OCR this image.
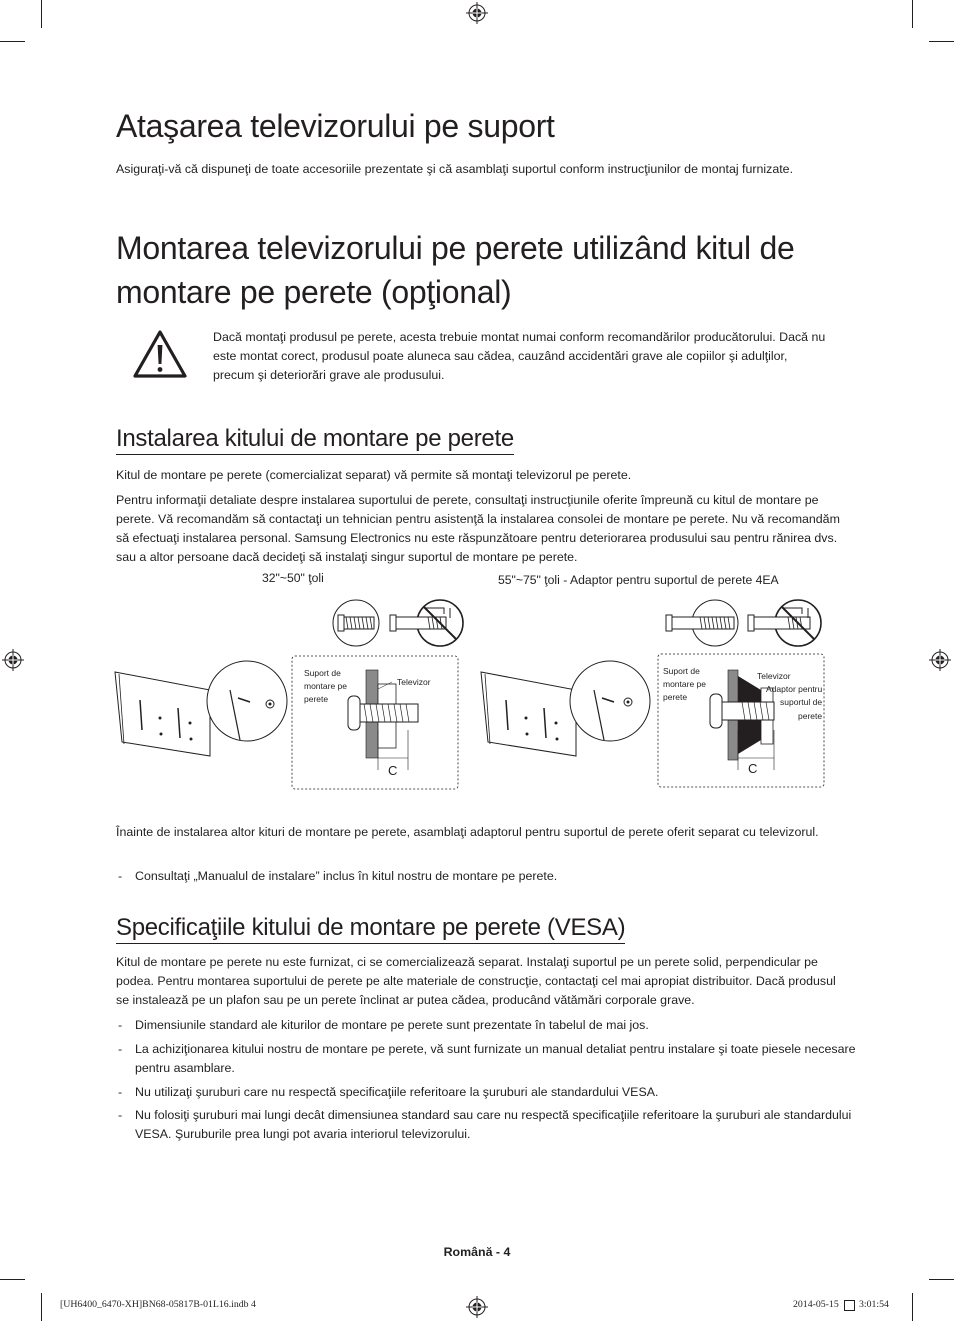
Ataşarea televizorului pe suport
Asiguraţi-vă că dispuneţi de toate accesoriile prezentate şi că asamblaţi suportul conform instrucţiunilor de montaj furnizate.
Montarea televizorului pe perete utilizând kitul de montare pe perete (opţional)
Dacă montaţi produsul pe perete, acesta trebuie montat numai conform recomandărilor producătorului. Dacă nu este montat corect, produsul poate aluneca sau cădea, cauzând accidentări grave ale copiilor şi adulţilor, precum şi deteriorări grave ale produsului.
Instalarea kitului de montare pe perete
Kitul de montare pe perete (comercializat separat) vă permite să montaţi televizorul pe perete.
Pentru informaţii detaliate despre instalarea suportului de perete, consultaţi instrucţiunile oferite împreună cu kitul de montare pe perete. Vă recomandăm să contactaţi un tehnician pentru asistenţă la instalarea consolei de montare pe perete. Nu vă recomandăm să efectuaţi instalarea personal. Samsung Electronics nu este răspunzătoare pentru deteriorarea produsului sau pentru rănirea dvs. sau a altor persoane dacă decideţi să instalaţi singur suportul de montare pe perete.
32"~50" ţoli	55"~75" ţoli - Adaptor pentru suportul de perete 4EA
Suport de
montare pe
perete
Televizor
C
Suport de
montare pe
perete
Televizor
Adaptor pentru
suportul de
perete
C
Înainte de instalarea altor kituri de montare pe perete, asamblaţi adaptorul pentru suportul de perete oferit separat cu televizorul.
- Consultaţi „Manualul de instalare” inclus în kitul nostru de montare pe perete.
Specificaţiile kitului de montare pe perete (VESA)
Kitul de montare pe perete nu este furnizat, ci se comercializează separat. Instalaţi suportul pe un perete solid, perpendicular pe podea. Pentru montarea suportului de perete pe alte materiale de construcţie, contactaţi cel mai apropiat distribuitor. Dacă produsul se instalează pe un plafon sau pe un perete înclinat ar putea cădea, producând vătămări corporale grave.
- Dimensiunile standard ale kiturilor de montare pe perete sunt prezentate în tabelul de mai jos.
- La achiziţionarea kitului nostru de montare pe perete, vă sunt furnizate un manual detaliat pentru instalare şi toate piesele necesare pentru asamblare.
- Nu utilizaţi şuruburi care nu respectă specificaţiile referitoare la şuruburi ale standardului VESA.
- Nu folosiţi şuruburi mai lungi decât dimensiunea standard sau care nu respectă specificaţiile referitoare la şuruburi ale standardului VESA. Şuruburile prea lungi pot avaria interiorul televizorului.
Română - 4
[UH6400_6470-XH]BN68-05817B-01L16.indb 4	2014-05-15 3:01:54
